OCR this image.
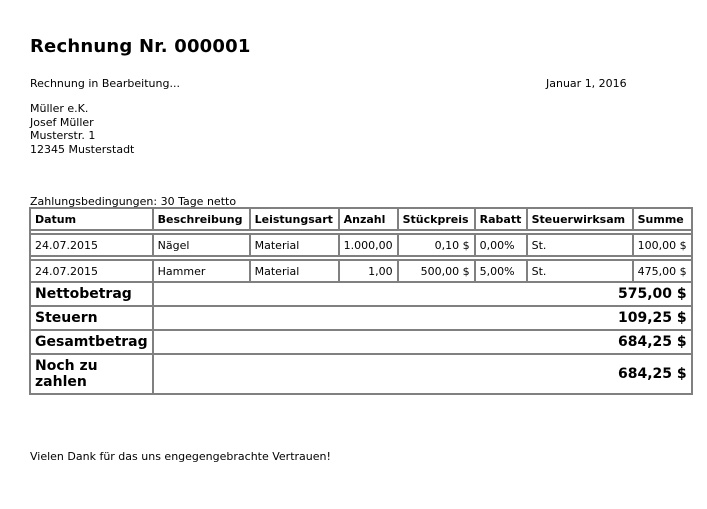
Rechnung Nr. 000001
Rechnung in Bearbeitung...	Januar 1, 2016
Müller e.K.
Josef Müller
Musterstr. 1
12345 Musterstadt
Zahlungsbedingungen: 30 Tage netto
Datum	Beschreibung	Leistungsart	Anzahl	Stückpreis	Rabatt	Steuerwirksam	Summe

24.07.2015	Nägel	Material	1.000,00	0,10 $	0,00%	St.	100,00 $

24.07.2015	Hammer	Material	1,00	500,00 $	5,00%	St.	475,00 $
Nettobetrag	575,00 $						
Steuern	109,25 $						
Gesamtbetrag	684,25 $						

Noch zu
zahlen	684,25 $						
Vielen Dank für das uns engegengebrachte Vertrauen!
